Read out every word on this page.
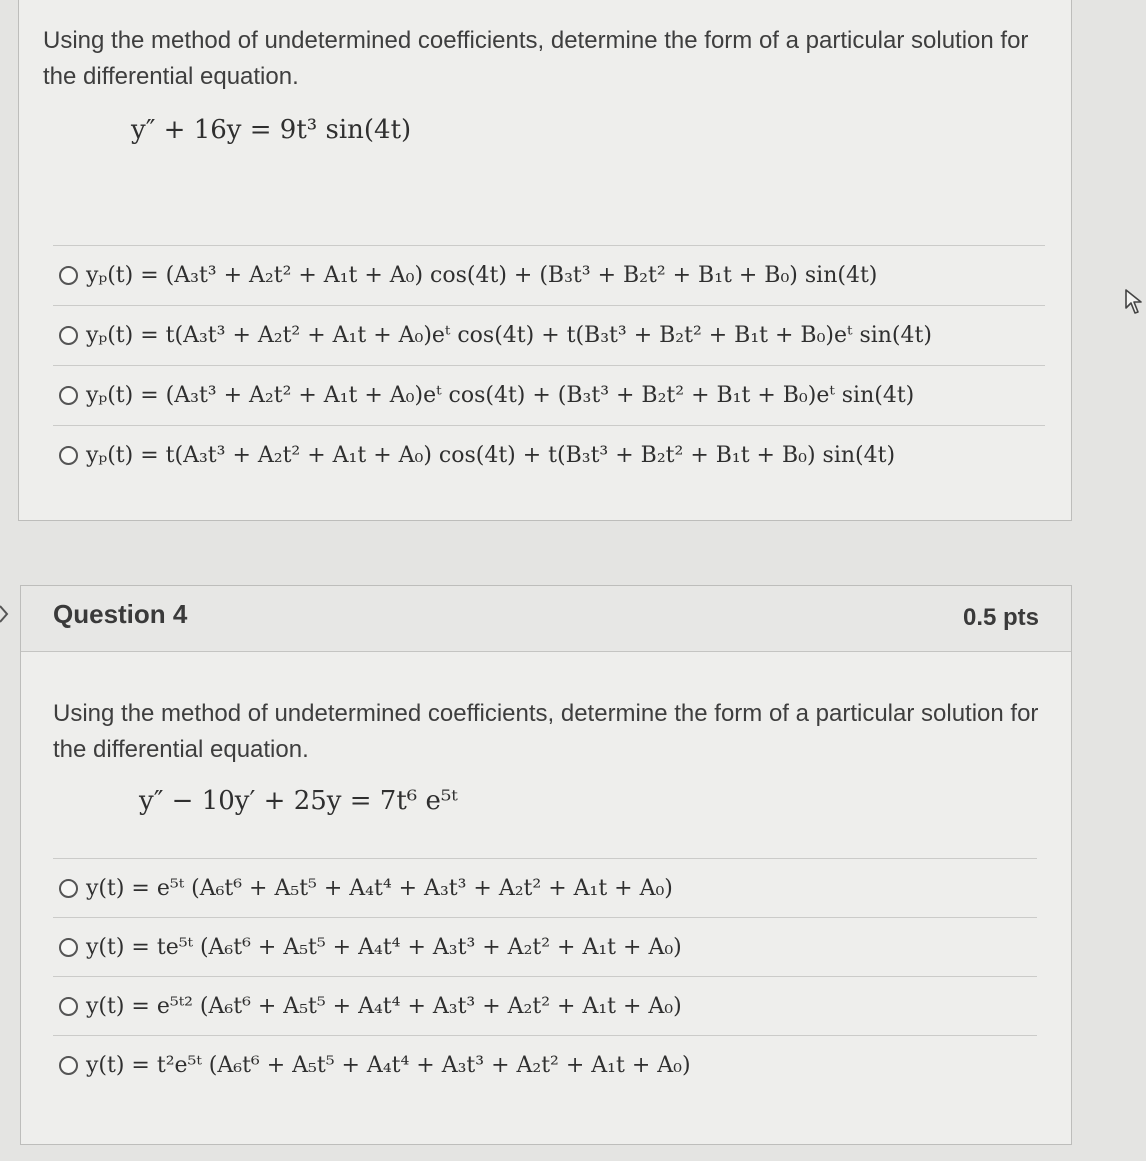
Using the method of undetermined coefficients, determine the form of a particular solution for the differential equation.
y″ + 16y = 9t³ sin(4t)
yₚ(t) = (A₃t³ + A₂t² + A₁t + A₀) cos(4t) + (B₃t³ + B₂t² + B₁t + B₀) sin(4t)
yₚ(t) = t(A₃t³ + A₂t² + A₁t + A₀)eᵗ cos(4t) + t(B₃t³ + B₂t² + B₁t + B₀)eᵗ sin(4t)
yₚ(t) = (A₃t³ + A₂t² + A₁t + A₀)eᵗ cos(4t) + (B₃t³ + B₂t² + B₁t + B₀)eᵗ sin(4t)
yₚ(t) = t(A₃t³ + A₂t² + A₁t + A₀) cos(4t) + t(B₃t³ + B₂t² + B₁t + B₀) sin(4t)
Question 4	0.5 pts
Using the method of undetermined coefficients, determine the form of a particular solution for the differential equation.
y″ − 10y′ + 25y = 7t⁶ e⁵ᵗ
y(t) = e⁵ᵗ (A₆t⁶ + A₅t⁵ + A₄t⁴ + A₃t³ + A₂t² + A₁t + A₀)
y(t) = te⁵ᵗ (A₆t⁶ + A₅t⁵ + A₄t⁴ + A₃t³ + A₂t² + A₁t + A₀)
y(t) = e⁵ᵗ² (A₆t⁶ + A₅t⁵ + A₄t⁴ + A₃t³ + A₂t² + A₁t + A₀)
y(t) = t²e⁵ᵗ (A₆t⁶ + A₅t⁵ + A₄t⁴ + A₃t³ + A₂t² + A₁t + A₀)
